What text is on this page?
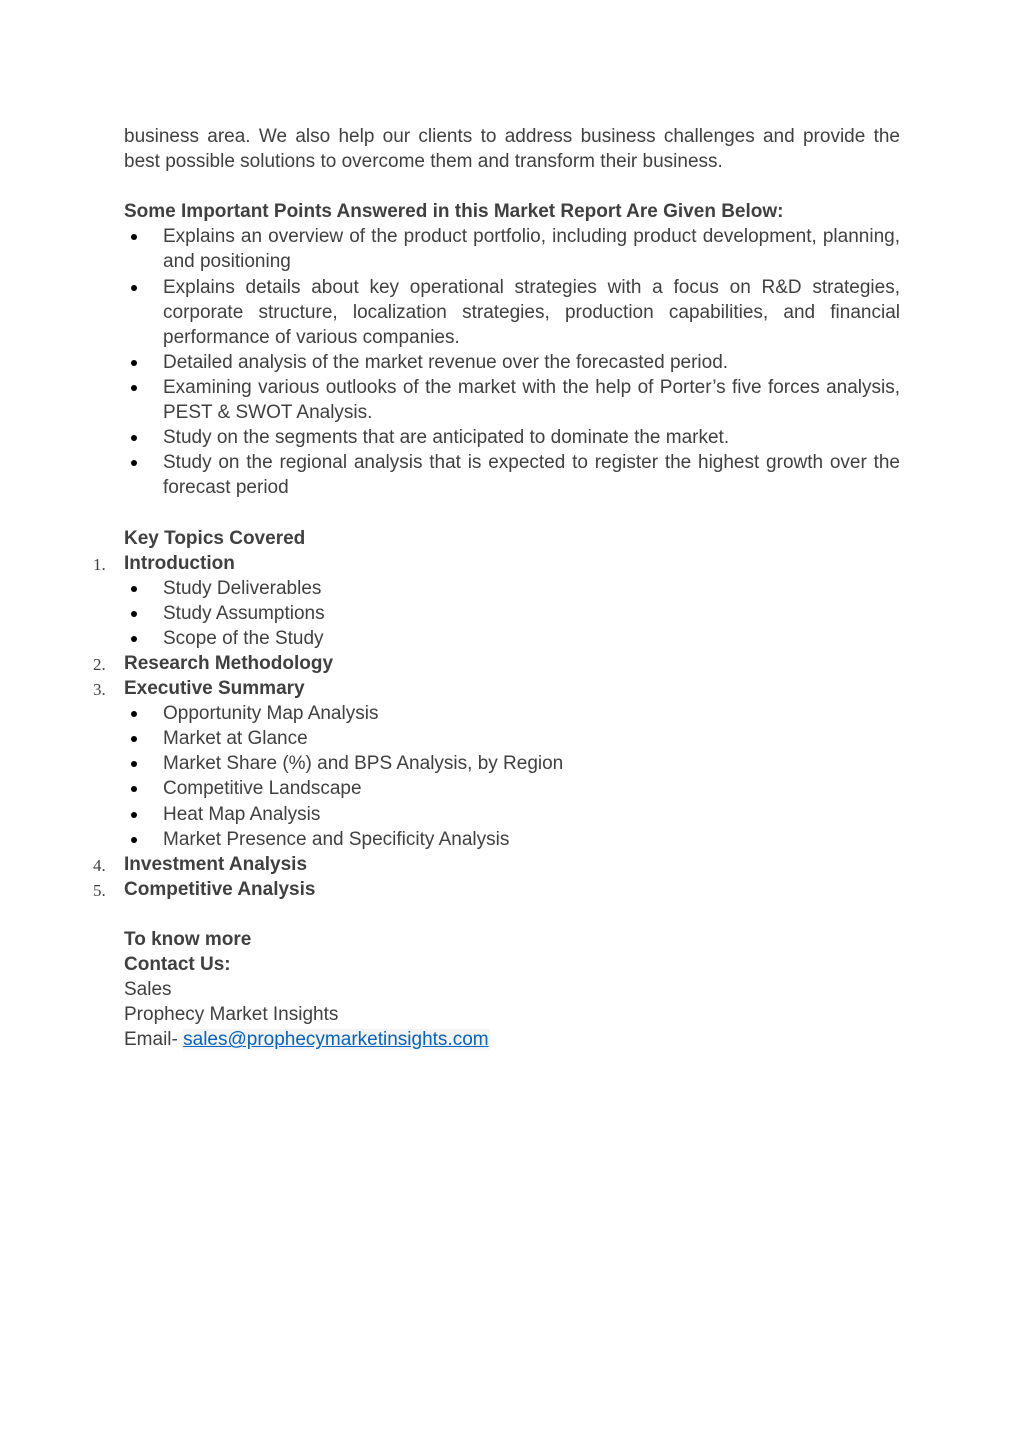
business area. We also help our clients to address business challenges and provide the best possible solutions to overcome them and transform their business.

Some Important Points Answered in this Market Report Are Given Below:

Explains an overview of the product portfolio, including product development, planning, and positioning
Explains details about key operational strategies with a focus on R&D strategies, corporate structure, localization strategies, production capabilities, and financial performance of various companies.
Detailed analysis of the market revenue over the forecasted period.
Examining various outlooks of the market with the help of Porter’s five forces analysis, PEST & SWOT Analysis.
Study on the segments that are anticipated to dominate the market.
Study on the regional analysis that is expected to register the highest growth over the forecast period

Key Topics Covered

1. Introduction

Study Deliverables
Study Assumptions
Scope of the Study

2. Research Methodology

3. Executive Summary

Opportunity Map Analysis
Market at Glance
Market Share (%) and BPS Analysis, by Region
Competitive Landscape
Heat Map Analysis
Market Presence and Specificity Analysis

4. Investment Analysis

5. Competitive Analysis

To know more

Contact Us:

Sales

Prophecy Market Insights

Email- sales@prophecymarketinsights.com
